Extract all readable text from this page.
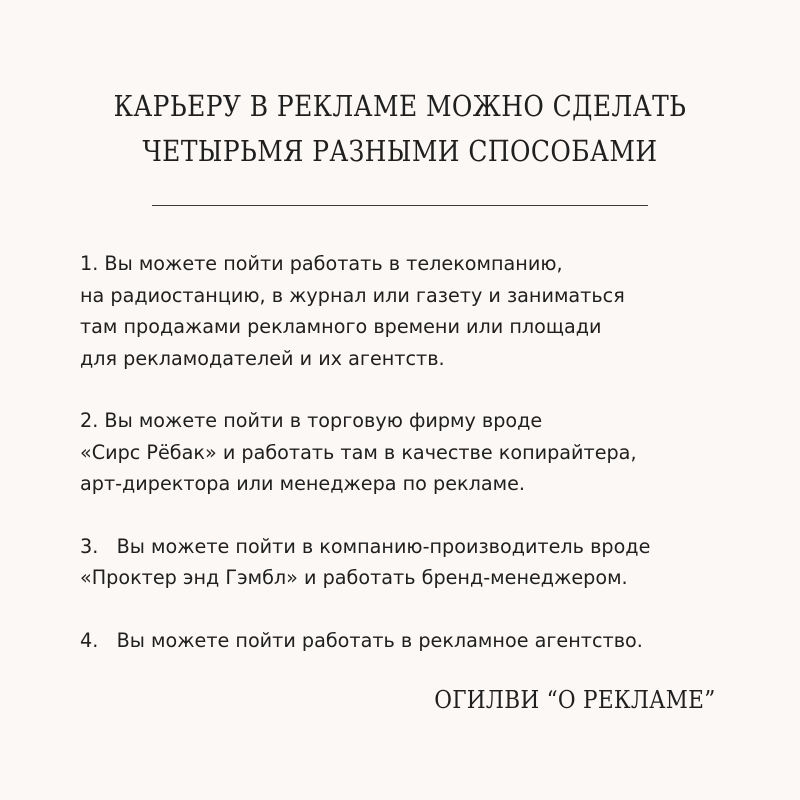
КАРЬЕРУ В РЕКЛАМЕ МОЖНО СДЕЛАТЬ
ЧЕТЫРЬМЯ РАЗНЫМИ СПОСОБАМИ

1. Вы можете пойти работать в телекомпанию,
на радиостанцию, в журнал или газету и заниматься
там продажами рекламного времени или площади
для рекламодателей и их агентств.

2. Вы можете пойти в торговую фирму вроде
«Сирс Рёбак» и работать там в качестве копирайтера,
арт-директора или менеджера по рекламе.

3.   Вы можете пойти в компанию-производитель вроде
«Проктер энд Гэмбл» и работать бренд-менеджером.

4.   Вы можете пойти работать в рекламное агентство.

ОГИЛВИ “О РЕКЛАМЕ”
